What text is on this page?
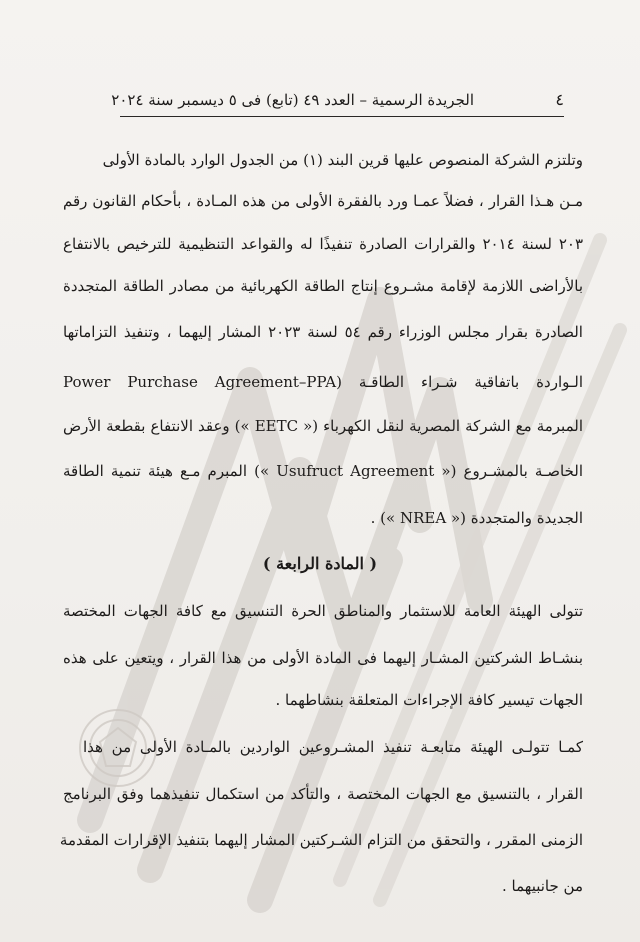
٤
الجريدة الرسمية – العدد ٤٩ (تابع) فى ٥ ديسمبر سنة ٢٠٢٤
وتلتزم الشركة المنصوص عليها قرين البند (١) من الجدول الوارد بالمادة الأولى
مـن هـذا القرار ، فضلاً عمـا ورد بالفقرة الأولى من هذه المـادة ، بأحكام القانون رقم
٢٠٣ لسنة ٢٠١٤ والقرارات الصادرة تنفيذًا له والقواعد التنظيمية للترخيص بالانتفاع
بالأراضى اللازمة لإقامة مشـروع إنتاج الطاقة الكهربائية من مصادر الطاقة المتجددة
الصادرة بقرار مجلس الوزراء رقم ٥٤ لسنة ٢٠٢٣ المشار إليهما ، وتنفيذ التزاماتها
الـواردة باتفاقية شـراء الطاقـة (Power Purchase Agreement–PPA
المبرمة مع الشركة المصرية لنقل الكهرباء (« EETC ») وعقد الانتفاع بقطعة الأرض
الخاصـة بالمشـروع (« Usufruct Agreement ») المبرم مـع هيئة تنمية الطاقة
الجديدة والمتجددة (« NREA ») .
( المادة الرابعة )
تتولى الهيئة العامة للاستثمار والمناطق الحرة التنسيق مع كافة الجهات المختصة
بنشـاط الشركتين المشـار إليهما فى المادة الأولى من هذا القرار ، ويتعين على هذه
الجهات تيسير كافة الإجراءات المتعلقة بنشاطهما .
كمـا تتولـى الهيئة متابعـة تنفيذ المشـروعين الواردين بالمـادة الأولى من هذا
القرار ، بالتنسيق مع الجهات المختصة ، والتأكد من استكمال تنفيذهما وفق البرنامج
الزمنى المقرر ، والتحقق من التزام الشـركتين المشار إليهما بتنفيذ الإقرارات المقدمة
من جانبيهما .
